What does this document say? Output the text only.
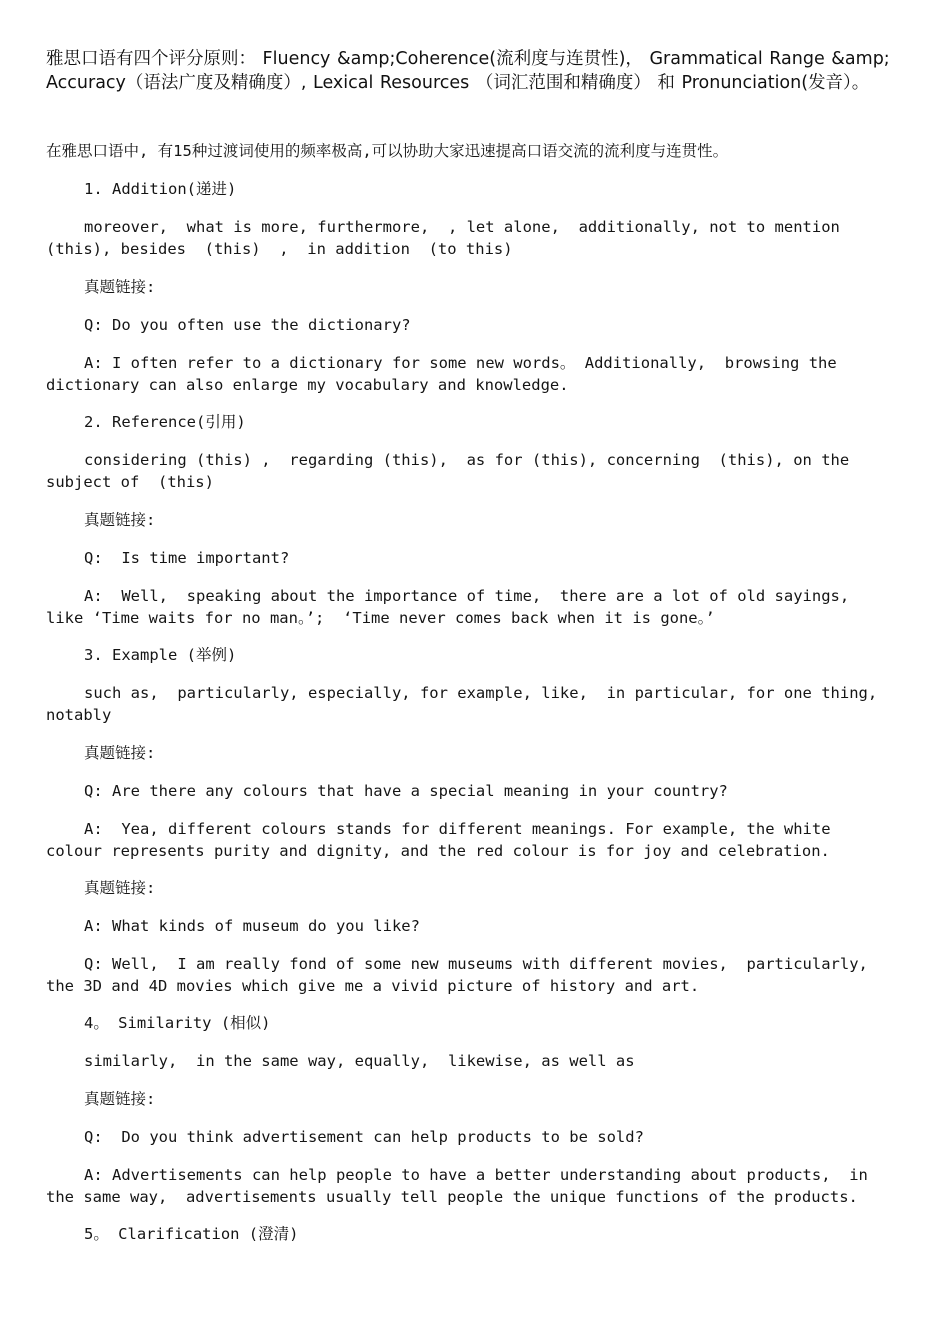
雅思口语有四个评分原则： Fluency &amp;Coherence(流利度与连贯性)， Grammatical Range &amp; Accuracy（语法广度及精确度）, Lexical Resources （词汇范围和精确度） 和 Pronunciation(发音）。

在雅思口语中, 有15种过渡词使用的频率极高,可以协助大家迅速提高口语交流的流利度与连贯性。

1. Addition(递进)

moreover,  what is more, furthermore,  , let alone,  additionally, not to mention

(this), besides  (this)  ,  in addition  (to this)

真题链接:

Q: Do you often use the dictionary?

A: I often refer to a dictionary for some new words。 Additionally,  browsing the

dictionary can also enlarge my vocabulary and knowledge.

2. Reference(引用)

considering (this) ,  regarding (this),  as for (this), concerning  (this), on the

subject of  (this)

真题链接:

Q:  Is time important?

A:  Well,  speaking about the importance of time,  there are a lot of old sayings,

like ‘Time waits for no man。’;  ‘Time never comes back when it is gone。’

3. Example (举例)

such as,  particularly, especially, for example, like,  in particular, for one thing,

notably

真题链接:

Q: Are there any colours that have a special meaning in your country?

A:  Yea, different colours stands for different meanings. For example, the white

colour represents purity and dignity, and the red colour is for joy and celebration.

真题链接:

A: What kinds of museum do you like?

Q: Well,  I am really fond of some new museums with different movies,  particularly,

the 3D and 4D movies which give me a vivid picture of history and art.

4。 Similarity (相似)

similarly,  in the same way, equally,  likewise, as well as

真题链接:

Q:  Do you think advertisement can help products to be sold?

A: Advertisements can help people to have a better understanding about products,  in

the same way,  advertisements usually tell people the unique functions of the products.

5。 Clarification (澄清)
